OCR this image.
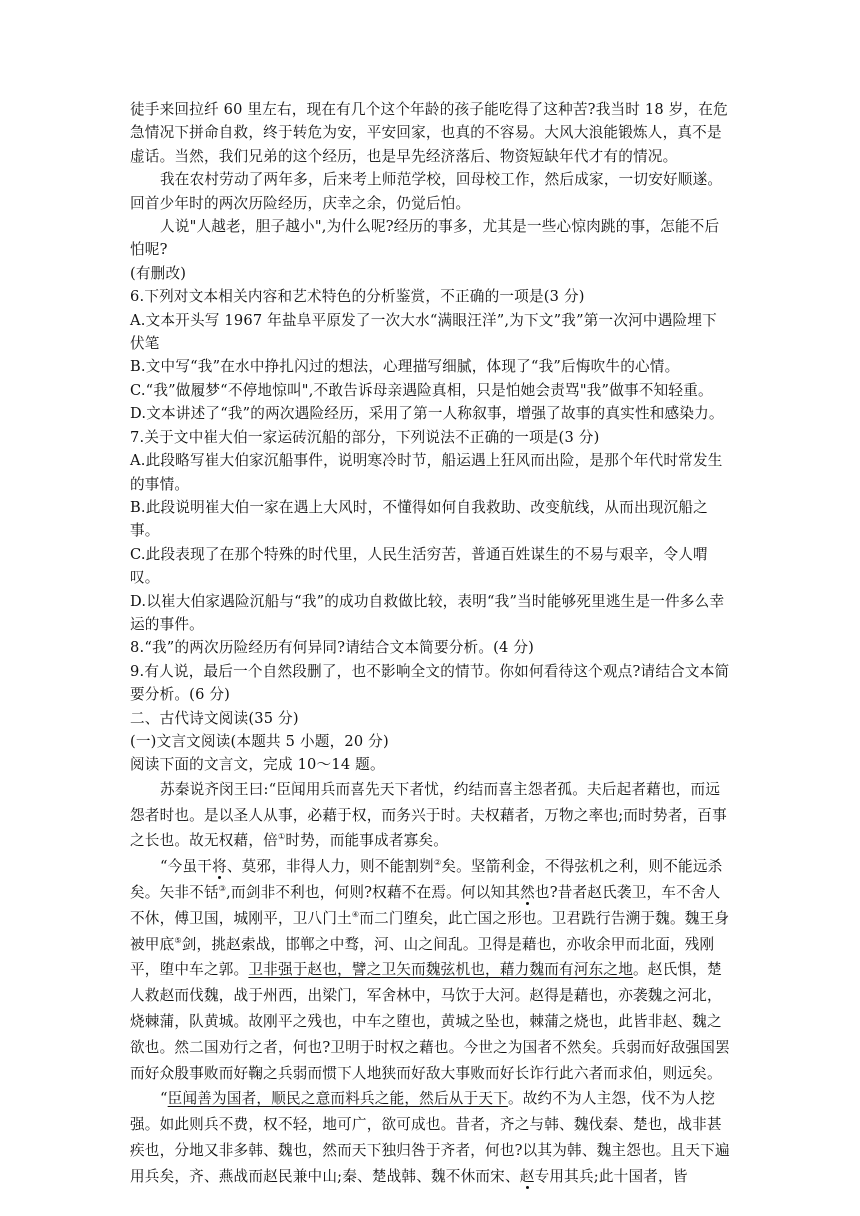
徒手来回拉纤 60 里左右，现在有几个这个年龄的孩子能吃得了这种苦?我当时 18 岁，在危急情况下拼命自救，终于转危为安，平安回家，也真的不容易。大风大浪能锻炼人，真不是虚话。当然，我们兄弟的这个经历，也是早先经济落后、物资短缺年代才有的情况。

我在农村劳动了两年多，后来考上师范学校，回母校工作，然后成家，一切安好顺遂。回首少年时的两次历险经历，庆幸之余，仍觉后怕。

人说"人越老，胆子越小",为什么呢?经历的事多，尤其是一些心惊肉跳的事，怎能不后怕呢?

(有删改)

6.下列对文本相关内容和艺术特色的分析鉴赏，不正确的一项是(3 分)

A.文本开头写 1967 年盐阜平原发了一次大水“满眼汪洋”,为下文”我”第一次河中遇险埋下伏笔

B.文中写“我”在水中挣扎闪过的想法，心理描写细腻，体现了“我”后悔吹牛的心情。

C.“我”做履梦“不停地惊叫",不敢告诉母亲遇险真相，只是怕她会责骂"我”做事不知轻重。

D.文本讲述了“我”的两次遇险经历，采用了第一人称叙事，增强了故事的真实性和感染力。

7.关于文中崔大伯一家运砖沉船的部分，下列说法不正确的一项是(3 分)

A.此段略写崔大伯家沉船事件，说明寒冷时节，船运遇上狂风而出险，是那个年代时常发生的事情。

B.此段说明崔大伯一家在遇上大风时，不懂得如何自我救助、改变航线，从而出现沉船之事。

C.此段表现了在那个特殊的时代里，人民生活穷苦，普通百姓谋生的不易与艰辛，令人喟叹。

D.以崔大伯家遇险沉船与“我”的成功自救做比较，表明“我”当时能够死里逃生是一件多么幸运的事件。

8.“我”的两次历险经历有何异同?请结合文本简要分析。(4 分)

9.有人说，最后一个自然段删了，也不影响全文的情节。你如何看待这个观点?请结合文本简要分析。(6 分)

二、古代诗文阅读(35 分)

(一)文言文阅读(本题共 5 小题，20 分)

阅读下面的文言文，完成 10～14 题。

苏秦说齐闵王曰:“臣闻用兵而喜先天下者忧，约结而喜主怨者孤。夫后起者藉也，而远怨者时也。是以圣人从事，必藉于权，而务兴于时。夫权藉者，万物之率也;而时势者，百事之长也。故无权藉，倍①时势，而能事成者寡矣。

“今虽干将、莫邪，非得人力，则不能割刿②矣。坚箭利金，不得弦机之利，则不能远杀矣。矢非不铦③,而剑非不利也，何则?权藉不在焉。何以知其然也?昔者赵氏袭卫，车不舍人不休，傅卫国，城刚平，卫八门土④而二门堕矣，此亡国之形也。卫君跣行告溯于魏。魏王身被甲底⑤剑，挑赵索战，邯郸之中骛，河、山之间乱。卫得是藉也，亦收余甲而北面，残刚平，堕中车之郭。卫非强于赵也，譬之卫矢而魏弦机也，藉力魏而有河东之地。赵氏惧，楚人救赵而伐魏，战于州西，出梁门，军舍林中，马饮于大河。赵得是藉也，亦袭魏之河北，烧棘蒲，队黄城。故刚平之残也，中车之堕也，黄城之坠也，棘蒲之烧也，此皆非赵、魏之欲也。然二国劝行之者，何也?卫明于时权之藉也。今世之为国者不然矣。兵弱而好敌强国罢而好众殷事败而好鞠之兵弱而惯下人地狭而好敌大事败而好长诈行此六者而求伯，则远矣。

“臣闻善为国者，顺民之意而料兵之能，然后从于天下。故约不为人主怨，伐不为人挖强。如此则兵不费，权不轻，地可广，欲可成也。昔者，齐之与韩、魏伐秦、楚也，战非甚疾也，分地又非多韩、魏也，然而天下独归咎于齐者，何也?以其为韩、魏主怨也。且天下遍用兵矣，齐、燕战而赵民兼中山;秦、楚战韩、魏不休而宋、赵专用其兵;此十国者，皆
